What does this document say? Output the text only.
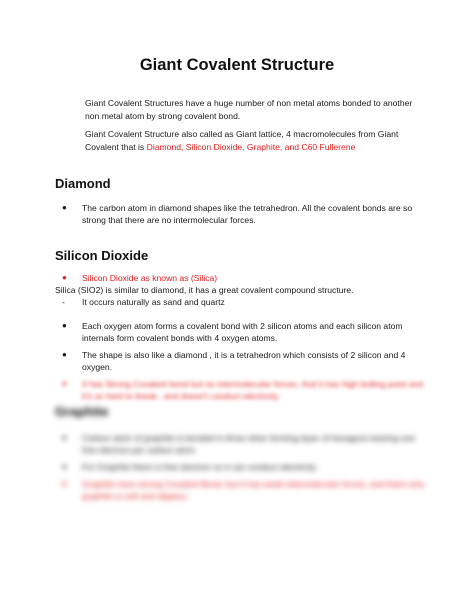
Giant Covalent Structure
Giant Covalent Structures have a huge number of non metal atoms bonded to another non metal atom by strong covalent bond.
Giant Covalent Structure also called as Giant lattice, 4 macromolecules from Giant Covalent that is Diamond, Silicon Dioxide, Graphite, and C60 Fullerene
Diamond
● The carbon atom in diamond shapes like the tetrahedron. All the covalent bonds are so strong that there are no intermolecular forces.
Silicon Dioxide
● Silicon Dioxide as known as (Silica)
Silica (SIO2) is similar to diamond, it has a great covalent compound structure.
- It occurs naturally as sand and quartz
● Each oxygen atom forms a covalent bond with 2 silicon atoms and each silicon atom internals form covalent bonds with 4 oxygen atoms.
● The shape is also like a diamond , it is a tetrahedron which consists of 2 silicon and 4 oxygen.
● It has Strong Covalent bond but no intermolecular forces. And it has high boiling point and it's so hard to break , and doesn't conduct electricity
Graphite
● Carbon atom of graphite is bonded in three other forming layer of hexagons leaving one free electron per carbon atom.
● For Graphite there is free electron so it can conduct electricity.
● Graphite have strong Covalent Bond, but it has weak intermolecular forces, and that's why graphite is soft and slippery.
